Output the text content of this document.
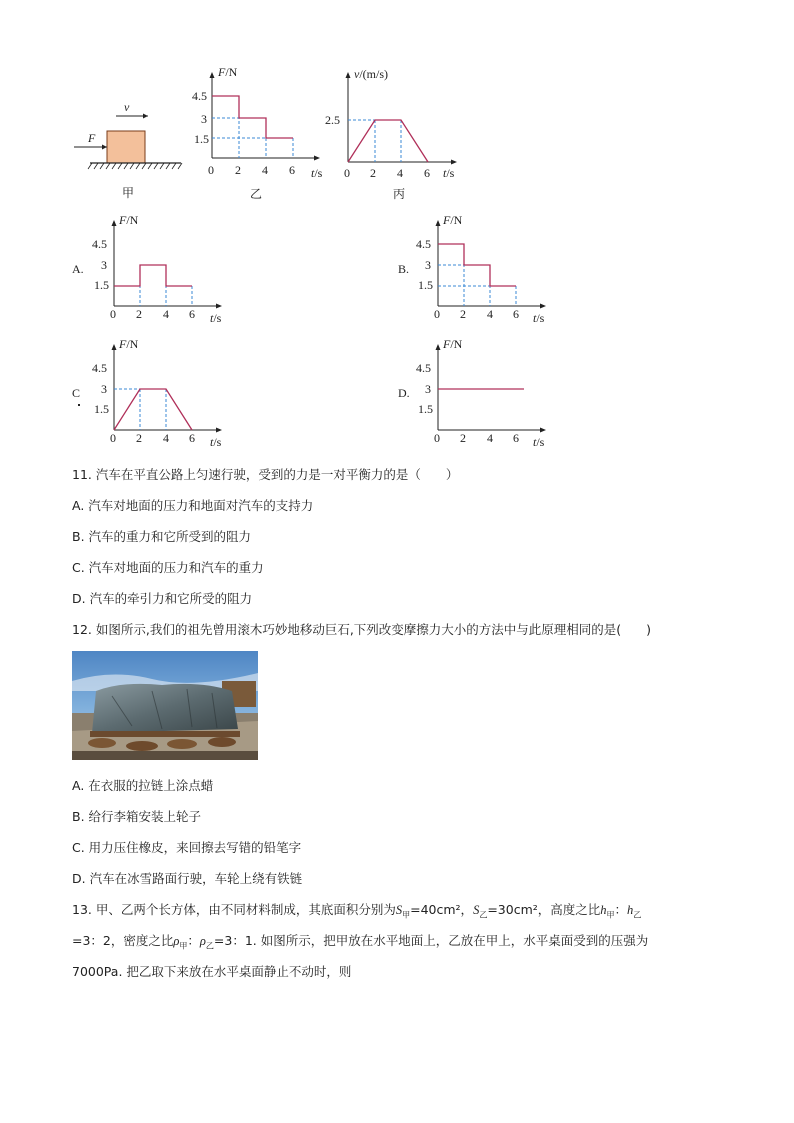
v
F
甲
F/N
t/s
4.5
3
1.5
0 2 4 6
乙
v/(m/s)
t/s
2.5
0 2 4 6
丙
A.
F/N
t/s
4.5
3
1.5
0 2 4 6
B.
F/N
t/s
4.5
3
1.5
0 2 4 6
C
F/N
t/s
4.5
3
1.5
0 2 4 6
D.
F/N
t/s
4.5
3
1.5
0 2 4 6
11. 汽车在平直公路上匀速行驶，受到的力是一对平衡力的是（　　）
A. 汽车对地面的压力和地面对汽车的支持力
B. 汽车的重力和它所受到的阻力
C. 汽车对地面的压力和汽车的重力
D. 汽车的牵引力和它所受的阻力
12. 如图所示,我们的祖先曾用滚木巧妙地移动巨石,下列改变摩擦力大小的方法中与此原理相同的是(　　)
A. 在衣服的拉链上涂点蜡
B. 给行李箱安装上轮子
C. 用力压住橡皮，来回擦去写错的铅笔字
D. 汽车在冰雪路面行驶，车轮上绕有铁链
13. 甲、乙两个长方体，由不同材料制成，其底面积分别为$S_甲=40cm^2$，$S_乙=30cm^2$，高度之比$h_甲$：$h_乙$
=3：2，密度之比$\rho_甲$：$\rho_乙=3$：1. 如图所示，把甲放在水平地面上，乙放在甲上，水平桌面受到的压强为
7000Pa. 把乙取下来放在水平桌面静止不动时，则
